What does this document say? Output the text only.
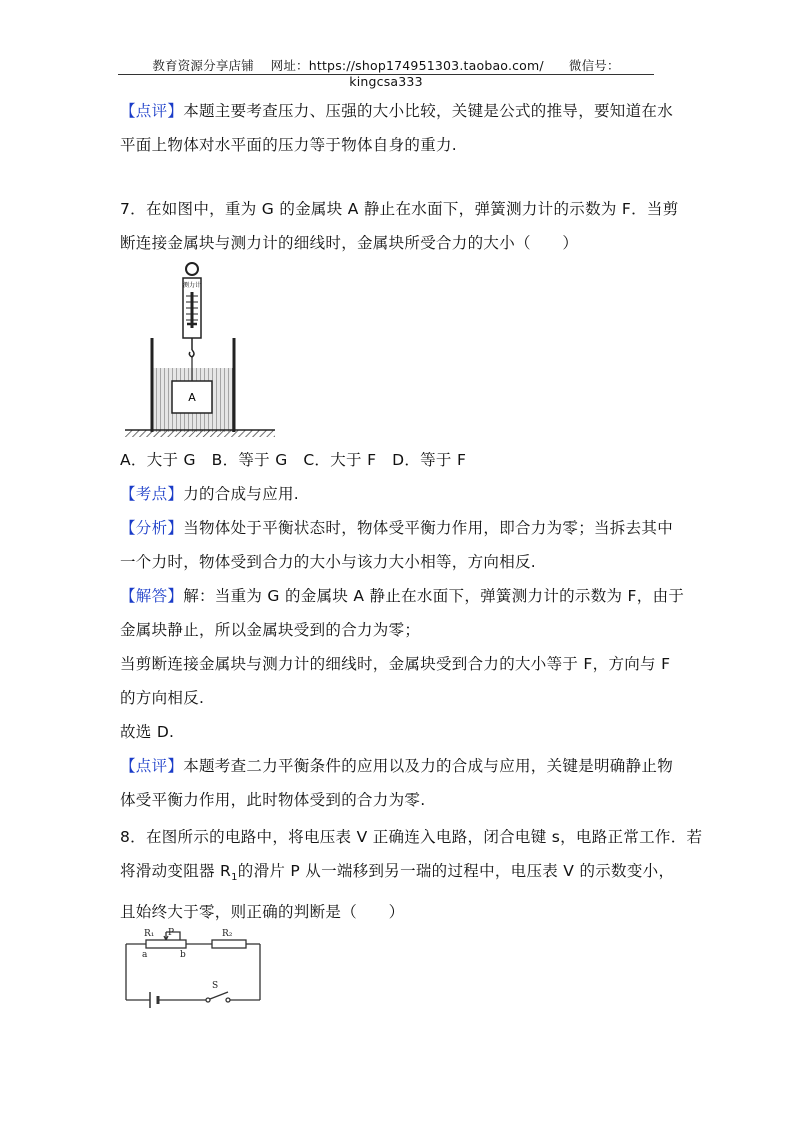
教育资源分享店铺 网址：https://shop174951303.taobao.com/ 微信号：kingcsa333
【点评】本题主要考查压力、压强的大小比较，关键是公式的推导，要知道在水
平面上物体对水平面的压力等于物体自身的重力.
7．在如图中，重为 G 的金属块 A 静止在水面下，弹簧测力计的示数为 F．当剪
断连接金属块与测力计的细线时，金属块所受合力的大小（　　）
测力计
A
A．大于 G　B．等于 G　C．大于 F　D．等于 F
【考点】力的合成与应用.
【分析】当物体处于平衡状态时，物体受平衡力作用，即合力为零；当拆去其中
一个力时，物体受到合力的大小与该力大小相等，方向相反.
【解答】解：当重为 G 的金属块 A 静止在水面下，弹簧测力计的示数为 F，由于
金属块静止，所以金属块受到的合力为零；
当剪断连接金属块与测力计的细线时，金属块受到合力的大小等于 F，方向与 F
的方向相反.
故选 D.
【点评】本题考查二力平衡条件的应用以及力的合成与应用，关键是明确静止物
体受平衡力作用，此时物体受到的合力为零.
8．在图所示的电路中，将电压表 V 正确连入电路，闭合电键 s，电路正常工作．若
将滑动变阻器 $R_1$的滑片 P 从一端移到另一瑞的过程中，电压表 V 的示数变小，
且始终大于零，则正确的判断是（　　）
R₁ P
a	b
R₂
S
